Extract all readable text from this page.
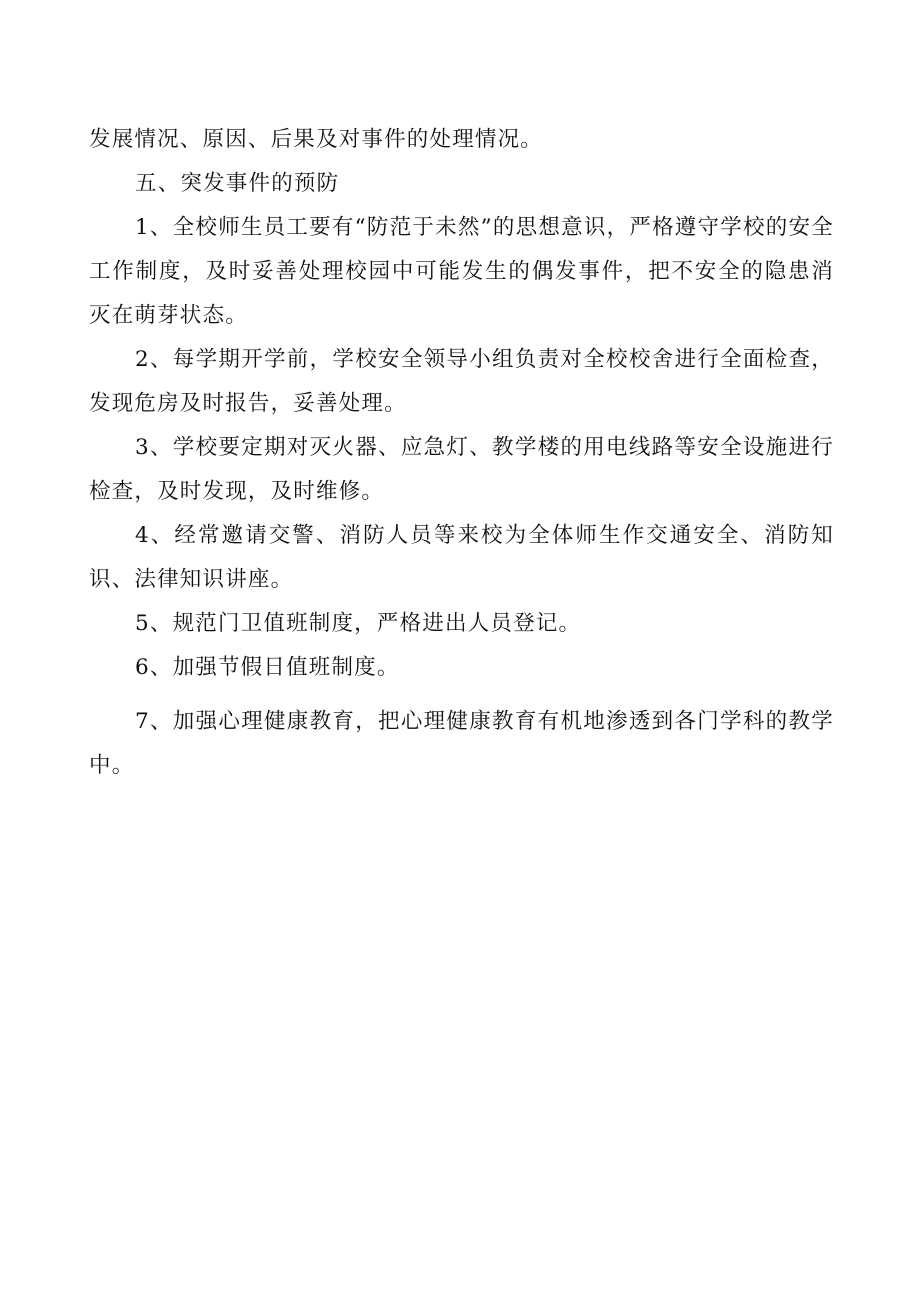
发展情况、原因、后果及对事件的处理情况。

五、突发事件的预防

1、全校师生员工要有“防范于未然”的思想意识，严格遵守学校的安全工作制度，及时妥善处理校园中可能发生的偶发事件，把不安全的隐患消灭在萌芽状态。

2、每学期开学前，学校安全领导小组负责对全校校舍进行全面检查，发现危房及时报告，妥善处理。

3、学校要定期对灭火器、应急灯、教学楼的用电线路等安全设施进行检查，及时发现，及时维修。

4、经常邀请交警、消防人员等来校为全体师生作交通安全、消防知识、法律知识讲座。

5、规范门卫值班制度，严格进出人员登记。

6、加强节假日值班制度。

7、加强心理健康教育，把心理健康教育有机地渗透到各门学科的教学中。
